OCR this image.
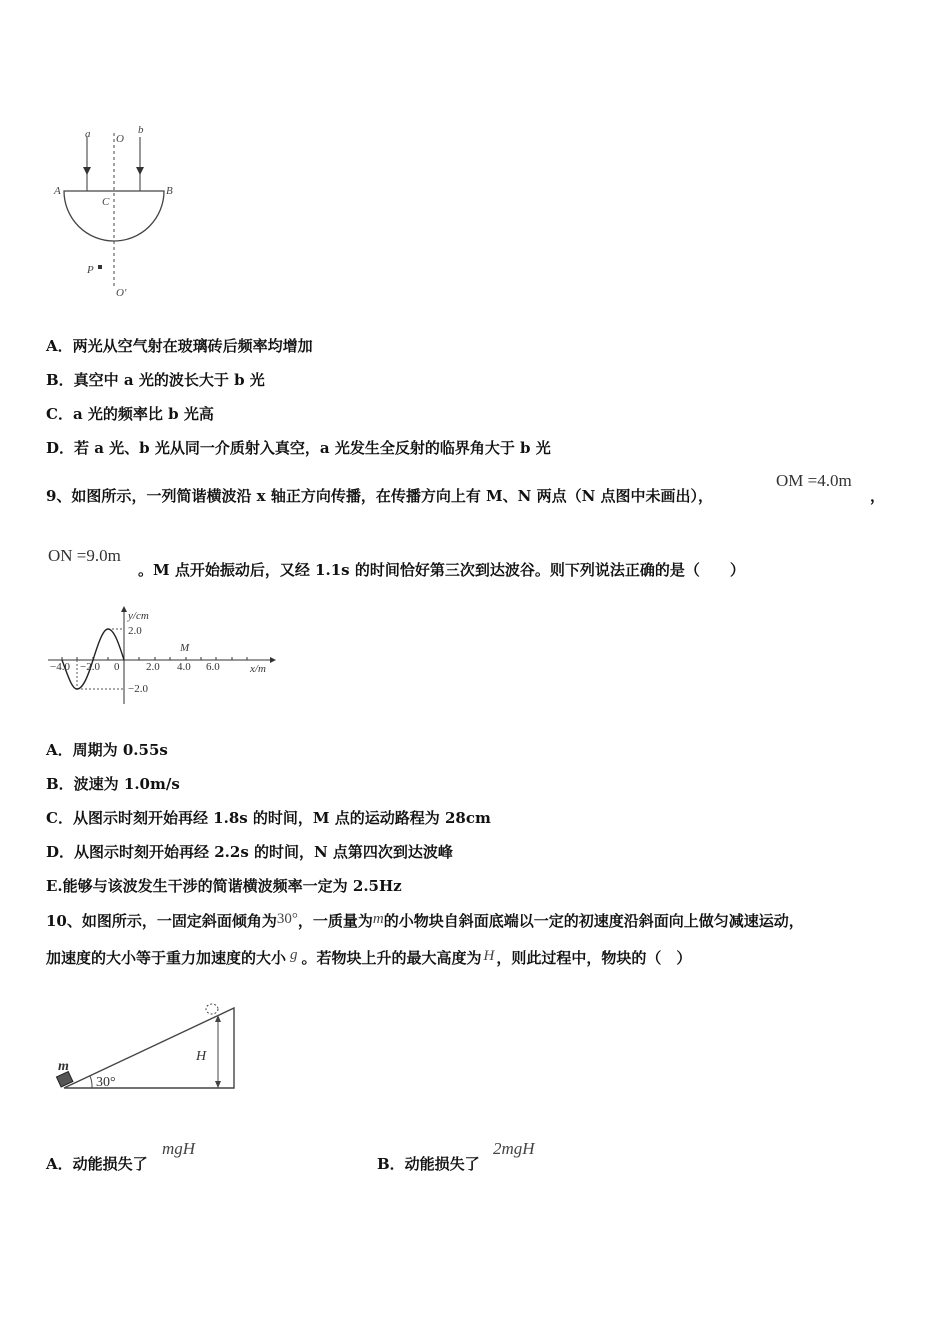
a	b
O
A	B
C
P
O'
A．两光从空气射在玻璃砖后频率均增加
B．真空中 a 光的波长大于 b 光
C．a 光的频率比 b 光高
D．若 a 光、b 光从同一介质射入真空，a 光发生全反射的临界角大于 b 光
9、如图所示，一列简谐横波沿 x 轴正方向传播，在传播方向上有 M、N 两点（N 点图中未画出），
OM =4.0m
，
ON =9.0m
。M 点开始振动后，又经 1.1s 的时间恰好第三次到达波谷。则下列说法正确的是（　　）
y/cm
2.0
−2.0
M
x/m
−4.0 −2.0 0 2.0 4.0 6.0
A．周期为 0.55s
B．波速为 1.0m/s
C．从图示时刻开始再经 1.8s 的时间，M 点的运动路程为 28cm
D．从图示时刻开始再经 2.2s 的时间，N 点第四次到达波峰
E.能够与该波发生干涉的简谐横波频率一定为 2.5Hz
10、如图所示，一固定斜面倾角为30°，一质量为m的小物块自斜面底端以一定的初速度沿斜面向上做匀减速运动，
加速度的大小等于重力加速度的大小 g 。若物块上升的最大高度为 H ，则此过程中，物块的（　）
m
30°
H
A．动能损失了
mgH
B．动能损失了
2mgH
